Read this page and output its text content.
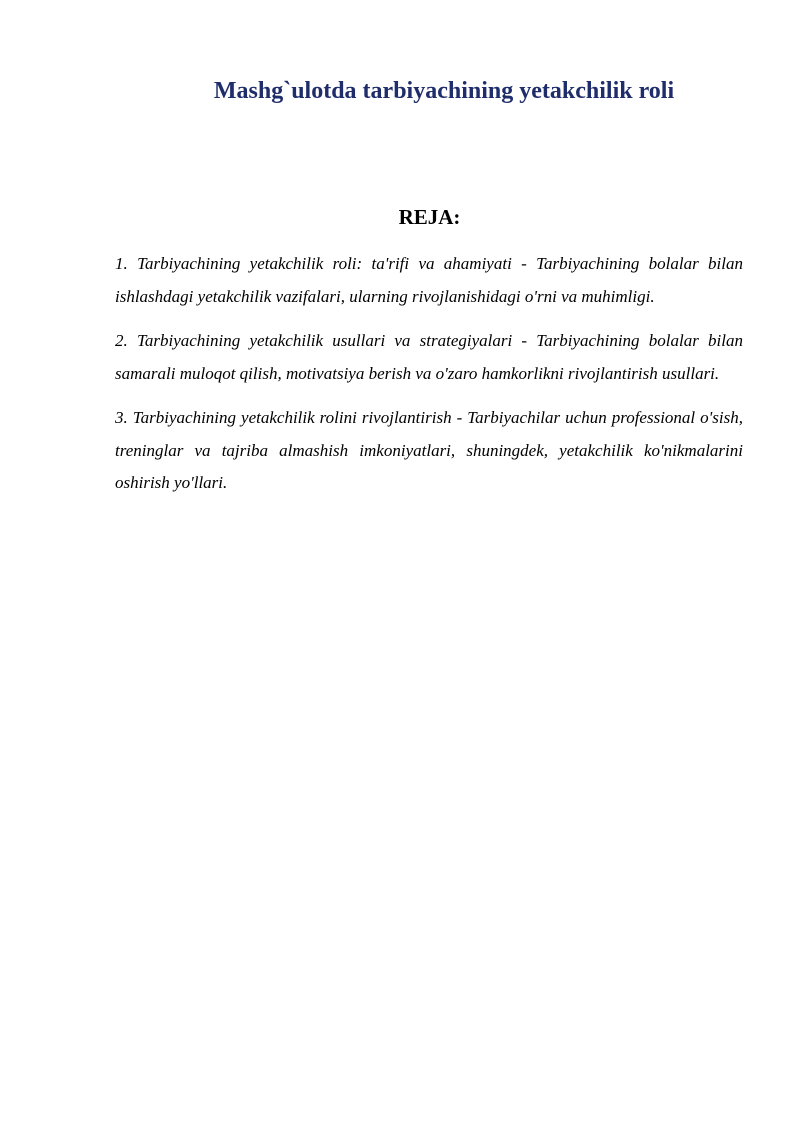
Mashg`ulotda tarbiyachining yetakchilik roli
REJA:
1. Tarbiyachining yetakchilik roli: ta'rifi va ahamiyati - Tarbiyachining bolalar bilan ishlashdagi yetakchilik vazifalari, ularning rivojlanishidagi o'rni va muhimligi.
2. Tarbiyachining yetakchilik usullari va strategiyalari - Tarbiyachining bolalar bilan samarali muloqot qilish, motivatsiya berish va o'zaro hamkorlikni rivojlantirish usullari.
3. Tarbiyachining yetakchilik rolini rivojlantirish - Tarbiyachilar uchun professional o'sish, treninglar va tajriba almashish imkoniyatlari, shuningdek, yetakchilik ko'nikmalarini oshirish yo'llari.
